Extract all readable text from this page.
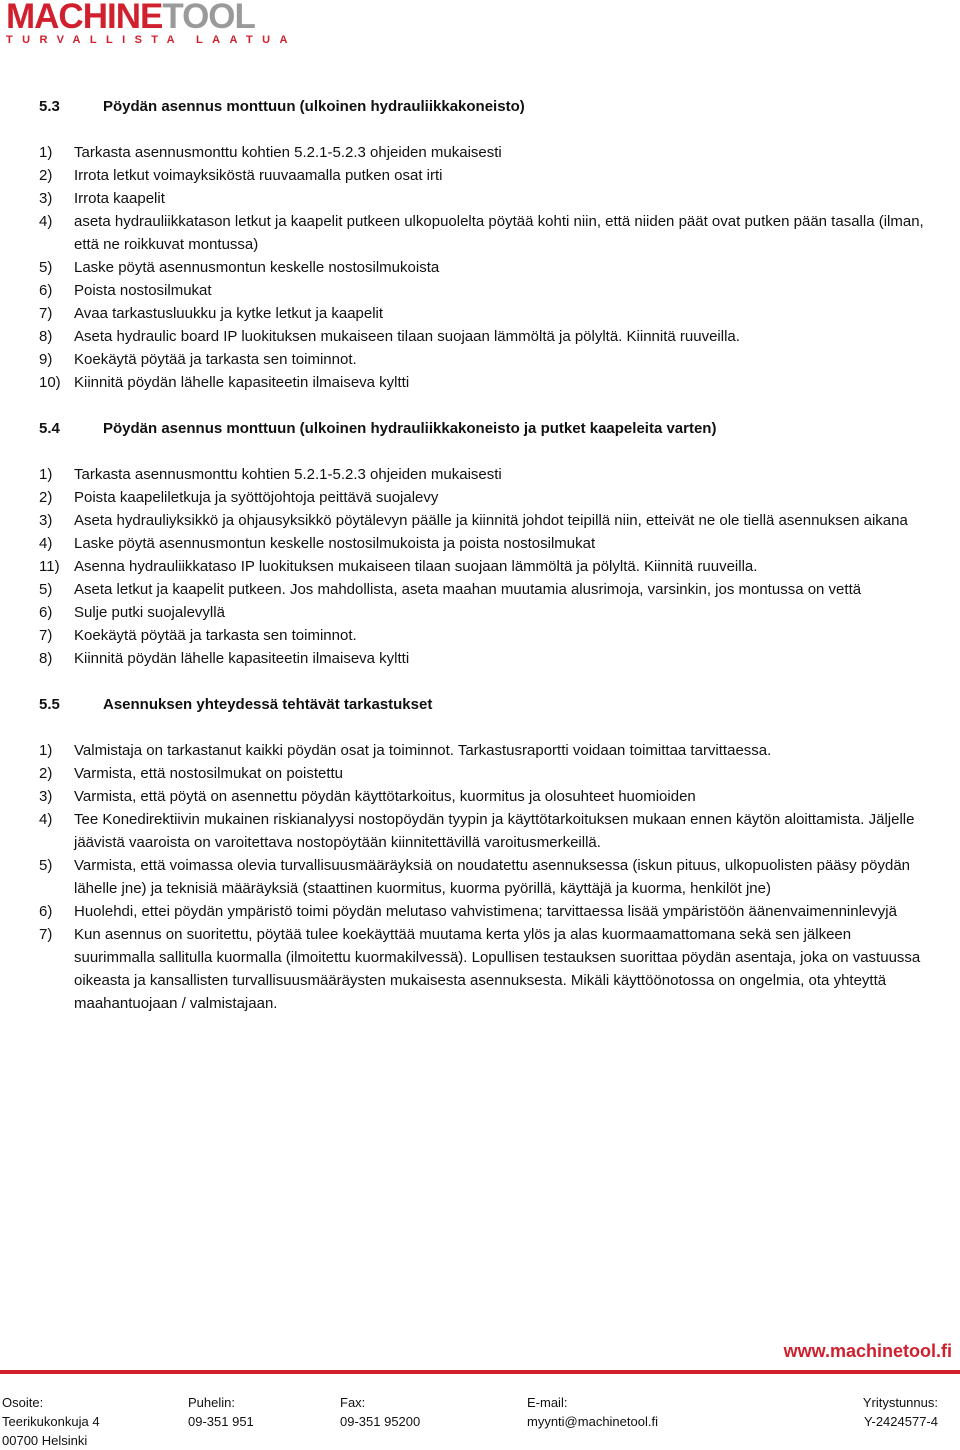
MACHINETOOL
TURVALLISTA LAATUA
5.3	Pöydän asennus monttuun (ulkoinen hydrauliikkakoneisto)
1)	Tarkasta asennusmonttu kohtien 5.2.1-5.2.3 ohjeiden mukaisesti
2)	Irrota letkut voimayksiköstä ruuvaamalla putken osat irti
3)	Irrota kaapelit
4)	aseta hydrauliikkatason letkut ja kaapelit putkeen ulkopuolelta pöytää kohti niin, että niiden päät ovat putken pään tasalla (ilman, että ne roikkuvat montussa)
5)	Laske pöytä asennusmontun keskelle nostosilmukoista
6)	Poista nostosilmukat
7)	Avaa tarkastusluukku ja kytke letkut ja kaapelit
8)	Aseta hydraulic board IP luokituksen mukaiseen tilaan suojaan lämmöltä ja pölyltä. Kiinnitä ruuveilla.
9)	Koekäytä pöytää ja tarkasta sen toiminnot.
10) Kiinnitä pöydän lähelle kapasiteetin ilmaiseva kyltti
5.4	Pöydän asennus monttuun (ulkoinen hydrauliikkakoneisto ja putket kaapeleita varten)
1)	Tarkasta asennusmonttu kohtien 5.2.1-5.2.3 ohjeiden mukaisesti
2)	Poista kaapeliletkuja ja syöttöjohtoja peittävä suojalevy
3)	Aseta hydrauliyksikkö ja ohjausyksikkö pöytälevyn päälle ja kiinnitä johdot teipillä niin, etteivät ne ole tiellä asennuksen aikana
4)	Laske pöytä asennusmontun keskelle nostosilmukoista ja poista nostosilmukat
11) Asenna hydrauliikkataso IP luokituksen mukaiseen tilaan suojaan lämmöltä ja pölyltä. Kiinnitä ruuveilla.
5)	Aseta letkut ja kaapelit putkeen. Jos mahdollista, aseta maahan muutamia alusrimoja, varsinkin, jos montussa on vettä
6)	Sulje putki suojalevyllä
7)	Koekäytä pöytää ja tarkasta sen toiminnot.
8)	Kiinnitä pöydän lähelle kapasiteetin ilmaiseva kyltti
5.5	Asennuksen yhteydessä tehtävät tarkastukset
1)	Valmistaja on tarkastanut kaikki pöydän osat ja toiminnot. Tarkastusraportti voidaan toimittaa tarvittaessa.
2)	Varmista, että nostosilmukat on poistettu
3)	Varmista, että pöytä on asennettu pöydän käyttötarkoitus, kuormitus ja olosuhteet huomioiden
4)	Tee Konedirektiivin mukainen riskianalyysi nostopöydän tyypin ja käyttötarkoituksen mukaan ennen käytön aloittamista. Jäljelle jäävistä vaaroista on varoitettava nostopöytään kiinnitettävillä varoitusmerkeillä.
5)	Varmista, että voimassa olevia turvallisuusmääräyksiä on noudatettu asennuksessa (iskun pituus, ulkopuolisten pääsy pöydän lähelle jne) ja teknisiä määräyksiä (staattinen kuormitus, kuorma pyörillä, käyttäjä ja kuorma, henkilöt jne)
6)	Huolehdi, ettei pöydän ympäristö toimi pöydän melutaso vahvistimena; tarvittaessa lisää ympäristöön äänenvaimenninlevyjä
7)	Kun asennus on suoritettu, pöytää tulee koekäyttää muutama kerta ylös ja alas kuormaamattomana sekä sen jälkeen suurimmalla sallitulla kuormalla (ilmoitettu kuormakilvessä). Lopullisen testauksen suorittaa pöydän asentaja, joka on vastuussa oikeasta ja kansallisten turvallisuusmääräysten mukaisesta asennuksesta. Mikäli käyttöönotossa on ongelmia, ota yhteyttä maahantuojaan / valmistajaan.
www.machinetool.fi
Osoite:
Teerikukonkuja 4
00700 Helsinki
Puhelin:
09-351 951
Fax:
09-351 95200
E-mail:
myynti@machinetool.fi
Yritystunnus:
Y-2424577-4
